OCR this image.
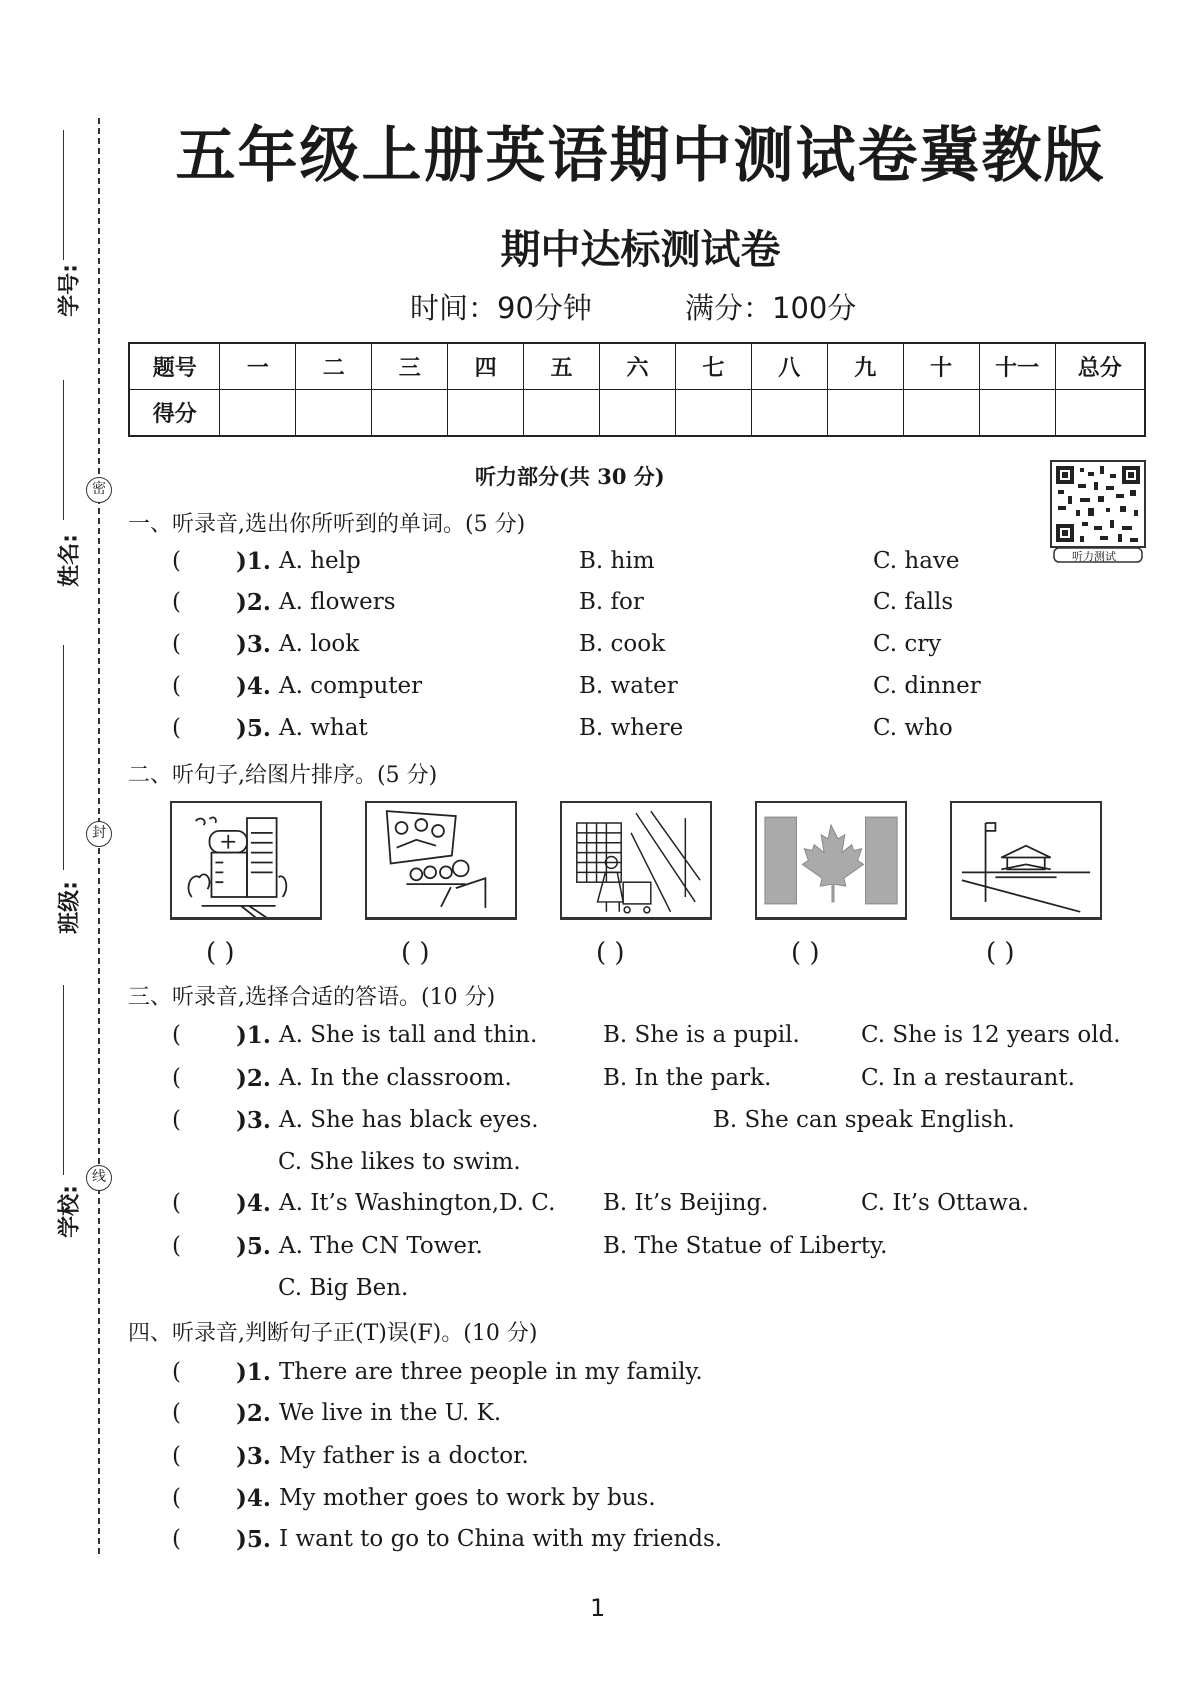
学号:
姓名:
班级:
学校:
密
封
线
五年级上册英语期中测试卷冀教版
期中达标测试卷
时间：90分钟	满分：100分
题号	一	二	三	四	五	六	七	八	九	十	十一	总分
得分												
听力部分(共 30 分)
听力测试
一、听录音,选出你所听到的单词。(5 分)
( )1. A. help	B. him	C. have
( )2. A. flowers	B. for	C. falls
( )3. A. look	B. cook	C. cry
( )4. A. computer	B. water	C. dinner
( )5. A. what	B. where	C. who
二、听句子,给图片排序。(5 分)
( )	( )	( )	( )	( )
三、听录音,选择合适的答语。(10 分)
( )1. A. She is tall and thin.	B. She is a pupil.	C. She is 12 years old.
( )2. A. In the classroom.	B. In the park.	C. In a restaurant.
( )3. A. She has black eyes.	B. She can speak English.
C. She likes to swim.
( )4. A. It’s Washington,D. C. B. It’s Beijing.	C. It’s Ottawa.
( )5. A. The CN Tower.	B. The Statue of Liberty.
C. Big Ben.
四、听录音,判断句子正(T)误(F)。(10 分)
( )1. There are three people in my family.
( )2. We live in the U. K.
( )3. My father is a doctor.
( )4. My mother goes to work by bus.
( )5. I want to go to China with my friends.
1
